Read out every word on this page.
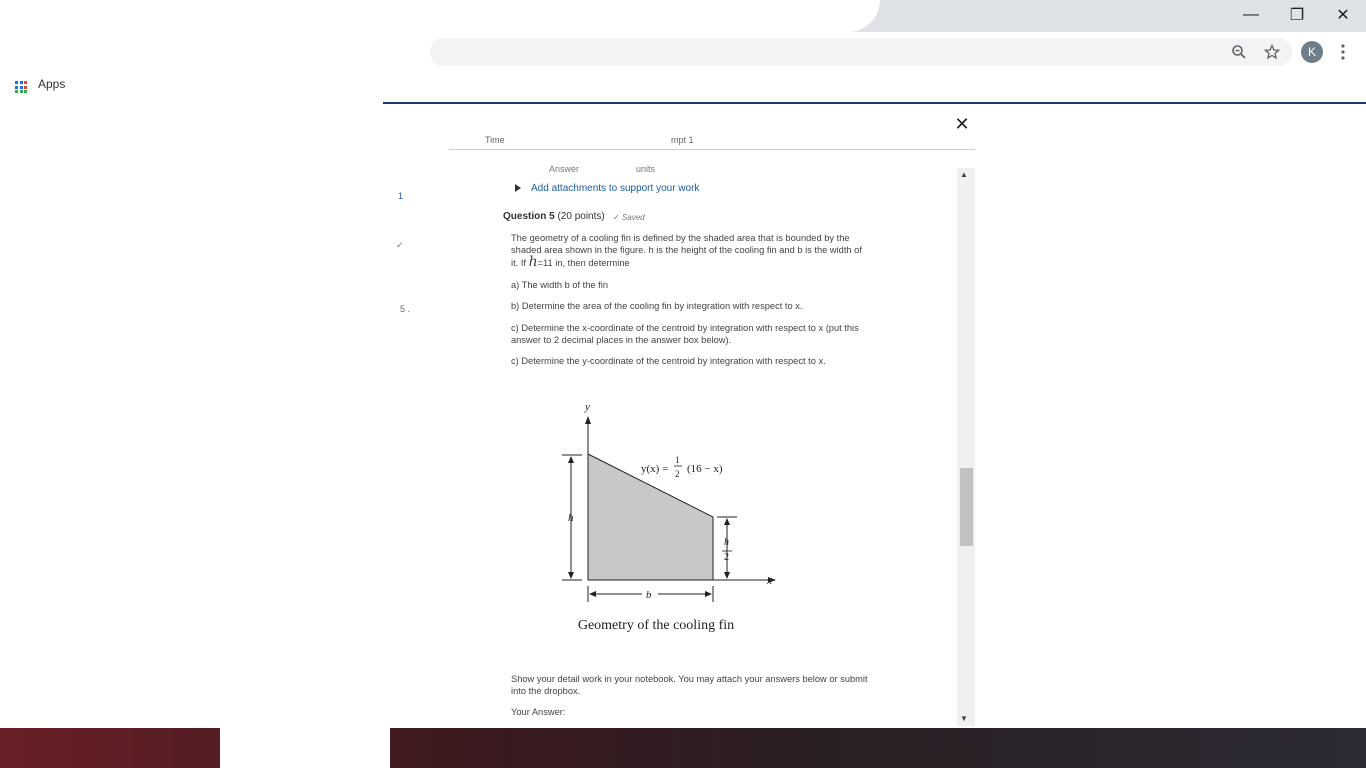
—	❐	✕
K
Apps
✕
Time	mpt 1
1
✓
5 .
Answer	units
Add attachments to support your work
Question 5 (20 points) ✓ Saved
The geometry of a cooling fin is defined by the shaded area that is bounded by the shaded area shown in the figure. h is the height of the cooling fin and b is the width of it. If h=11 in, then determine
a) The width b of the fin
b) Determine the area of the cooling fin by integration with respect to x.
c) Determine the x-coordinate of the centroid by integration with respect to x (put this answer to 2 decimal places in the answer box below).
c) Determine the y-coordinate of the centroid by integration with respect to x.
y
x
y(x) =
1
2 (16 − x)
h
h
2
b
Geometry of the cooling fin
Show your detail work in your notebook. You may attach your answers below or submit into the dropbox.
Your Answer:
▲
▼
